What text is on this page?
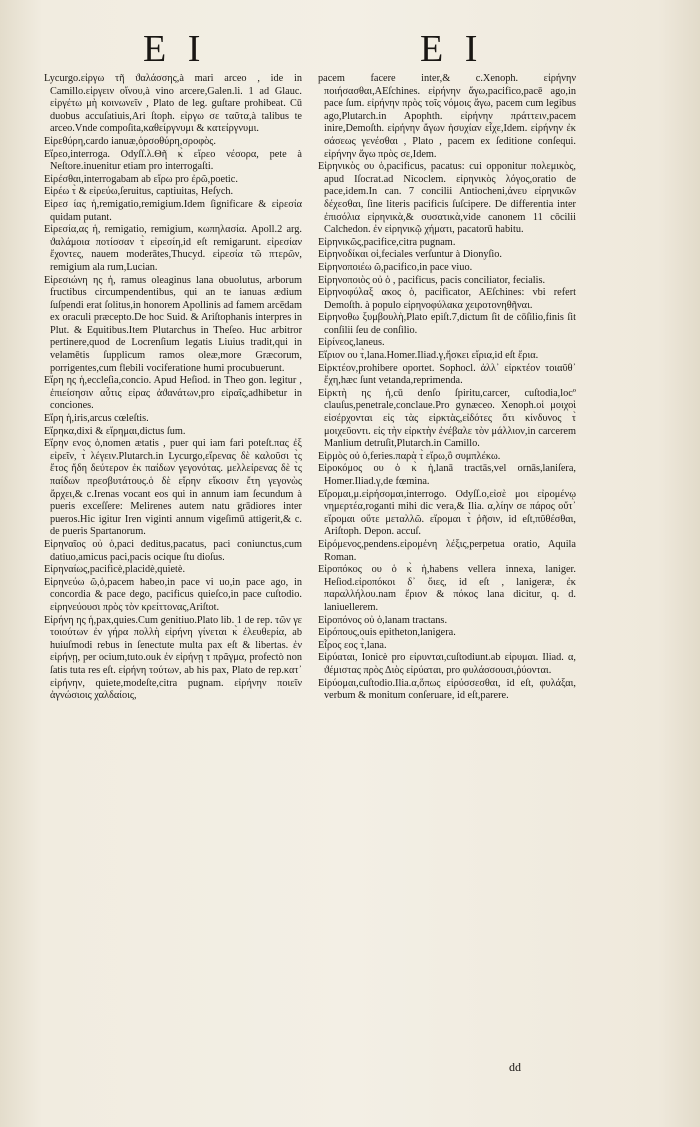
E I	E I

Lycurgo.εἰργω τῆ ϑαλάσσης,à mari arceo , ide in Camillo.εἰργειν οἴνου,à vino arcere,Galen.li. 1 ad Glauc. εἰργέτω μὴ κοινωνεῖν , Plato de leg. guſtare prohibeat. Cū duobus accuſatiuis,Ari ſtoph. εἰργω σε ταῦτα,à talibus te arceo.Vnde compoſita,καθείργνυμι & κατείργνυμι.

Εἰρεθύρη,cardo ianuæ,ὁρσοθύρη,σροφὸς.

Εἴρεο,interroga. Odyſſ.λ.Θῆ κ̀ εἴρεο νέσορα, pete à Neſtore.inuenitur etiam pro interrogaſti.

Εἰρέσθαι,interrogabam ab εἴρω pro ἐρῶ,poetic.

Εἰρέω τ̀ & εἰρεύω,ſeruitus, captiuitas, Heſych.

Εἰρεσ ίας ἡ,remigatio,remigium.Idem ſignificare & εἰρεσία quidam putant.

Εἰρεσία,ας ἡ, remigatio, remigium, κωπηλασία. Apoll.2 arg. ϑαλάμοια ποτίσσαν τ̀ εἰρεσίη,id eſt remigarunt. εἰρεσίαν ἔχοντες, nauem moderātes,Thucyd. εἰρεσία τῶ πτερῶν, remigium ala rum,Lucian.

Εἰρεσιώνη ης ἡ, ramus oleaginus lana obuolutus, arborum fructibus circumpendentibus, qui an te ianuas ædium ſuſpendi erat ſolitus,in honorem Apollinis ad famem arcēdam ex oraculi præcepto.De hoc Suid. & Ariſtophanis interpres in Plut. & Equitibus.Item Plutarchus in Theſeo. Huc arbitror pertinere,quod de Locrenſium legatis Liuius tradit,qui in velamētis ſupplicum ramos oleæ,more Græcorum, porrigentes,cum flebili vociferatione humi procubuerunt.

Εἴρη ης ἡ,eccleſia,concio. Apud Heſiod. in Theo gon. legitur , ἐπιείσησιν αὖτις εἰρας ἀϑανάτων,pro εἰραῖς,adhibetur in conciones.

Εἴρη ἡ,iris,arcus cœleſtis.

Εἴρηκα,dixi & εἴρημαι,dictus ſum.

Εἴρην ενος ὁ,nomen ætatis , puer qui iam fari poteſt.πας ἐξ εἰρεῖν, τ̀ λέγειν.Plutarch.in Lycurgo,εἴρενας δὲ καλοῦσι τ̀ς ἔτος ἤδη δεύτερον ἐκ παίδων γεγονότας. μελλείρενας δὲ τ̀ς παίδων πρεσβυτάτους.ὁ δὲ εἴρην εἴκοσιν ἔτη γεγονὼς ἄρχει,& c.Irenas vocant eos qui in annum iam ſecundum à pueris exceſſere: Melirenes autem natu grādiores inter pueros.Hic igitur Iren viginti annum vigeſimū attigerit,& c. de pueris Spartanorum.

Εἰρηναῖος οὐ ὁ,paci deditus,pacatus, paci coniunctus,cum datiuo,amicus paci,pacis ocique ſtu dioſus.

Εἰρηναίως,pacificè,placidè,quietè.

Εἰρηνεύω ῶ,ὁ,pacem habeo,in pace vi uo,in pace ago, in concordia & pace dego, pacificus quieſco,in pace cuſtodio. εἰρηνεύουσι πρὸς τὸν κρείττονας,Ariſtot.

Εἰρήνη ης ἡ,pax,quies.Cum genitiuo.Plato lib. 1 de rep. τῶν γε τοιούτων ἐν γήρα πολλὴ εἰρήνη γίνεται κ̀ ἐλευθερία, ab huiuſmodi rebus in ſenectute multa pax eſt & libertas. ἐν εἰρήνῃ, per ocium,tuto.ouk ἐν εἰρήνῃ τ̀ πρᾶγμα, profectò non ſatis tuta res eſt. εἰρήνη τούτων, ab his pax, Plato de rep.κατ᾽ εἰρήνην, quiete,modeſte,citra pugnam. εἰρήνην ποιεῖν ἀγνώσιοις χαλδαίοις,

pacem facere inter,& c.Xenoph. εἰρήνην ποιήσασθαι,AEſchines. εἰρήνην ἄγω,pacifico,pacē ago,in pace ſum. εἰρήνην πρὸς τοῖς νόμοις ἄγω, pacem cum legibus ago,Plutarch.in Apophth. εἰρήνην πράττειν,pacem inire,Demoſth. εἰρήνην ἄγων ἠσυχίαν εἶχε,Idem. εἰρήνην ἐκ σάσεως γενέσθαι , Plato , pacem ex ſeditione conſequi. εἰρήνην ἄγω πρὸς σε,Idem.

Εἰρηνικὸς ου ὁ,pacificus, pacatus: cui opponitur πολεμικὸς, apud Iſocrat.ad Nicoclem. εἰρηνικὸς λόγος,oratio de pace,idem.In can. 7 concilii Antiocheni,ἀνευ εἰρηνικῶν δέχεσθαι, ſine literis pacificis ſuſcipere. De differentia inter ἐπισόλια εἰρηνικὰ,& συσατικὰ,vide canonem 11 cōcilii Calchedon. ἐν εἰρηνικῷ χήματι, pacatorū habitu.

Εἰρηνικῶς,pacifice,citra pugnam.

Εἰρηνοδίκαι οἱ,feciales verſuntur à Dionyſio.

Εἰρηνοποιέω ῶ,pacifico,in pace viuo.

Εἰρηνοποιὸς οὐ ὁ , pacificus, pacis conciliator, fecialis.

Εἰρηνοφύλαξ ακος ὁ, pacificator, AEſchines: vbi refert Demoſth. à populo εἰρηνοφύλακα χειροτονηθῆναι.

Εἰρηνοθω ξυμβουλὴ,Plato epiſt.7,dictum ſit de cōſilio,finis ſit conſilii ſeu de conſilio.

Εἰρίνεος,laneus.

Εἴριον ου τ̀,lana.Homer.Iliad.γ,ἤσκει εἴρια,id eſt ἔρια.

Εἰρκτέον,prohibere oportet. Sophocl. ἀλλ᾽ εἰρκτέον τοιαῦθ᾽ ἔχη,hæc ſunt vetanda,reprimenda.

Εἰρκτὴ ης ἡ,cū denſo ſpiritu,carcer, cuſtodia,locº clauſus,penetrale,conclaue.Pro gynæceo. Xenoph.οἱ μοιχοὶ εἰσέρχονται εἰς τὰς εἰρκτὰς,εἰδότες ὅτι κίνδυνος τ̀ μοιχεῦοντι. εἰς τὴν εἰρκτὴν ἐνέβαλε τὸν μάλλιον,in carcerem Manlium detruſit,Plutarch.in Camillo.

Εἰρμὸς οὐ ὁ,feries.παρὰ τ̀ εἴρω,ὃ συμπλέκω.

Εἰροκόμος ου ὁ κ̀ ἡ,lanā tractās,vel ornās,laniſera, Homer.Iliad.γ,de fœmina.

Εἴρομαι,μ.εἰρήσομαι,interrogo. Odyſſ.ο,εἰσὲ μοι εἰρομένῳ νημερτέα,roganti mihi dic vera,& Ilia. α,λίην σε πάρος οὔτ᾽ εἴρομαι οὔτε μεταλλῶ. εἴρομαι τ̀ ῥῆσιν, id eſt,πῦθέσθαι, Ariſtoph. Depon. accuſ.

Εἰρόμενος,pendens.εἰρομένη λέξις,perpetua oratio, Aquila Roman.

Εἰροπόκος ου ὁ κ̀ ἡ,habens vellera innexa, laniger. Heſiod.εἰροπόκοι δ᾽ ὄιες, id eſt , lanigeræ, ἐκ παραλλήλου.nam ἔριον & πόκος lana dicitur, q. d. laniuellerem.

Εἰροπόνος οὐ ὁ,lanam tractans.

Εἰρόπους,ouis epitheton,lanigera.

Εἶρος εος τ̀,lana.

Εἰρύαται, Ionicè pro εἰρυνται,cuſtodiunt.ab εἰρυμαι. Iliad. α, ϑέμιστας πρὸς Διὸς εἰρύαται, pro φυλάσσουσι,ῥύονται.

Εἰρύομαι,cuſtodio.Ilia.α,ὅπως εἰρύσσεσθαι, id eſt, φυλάξαι, verbum & monitum conſeruare, id eſt,parere.

dd
